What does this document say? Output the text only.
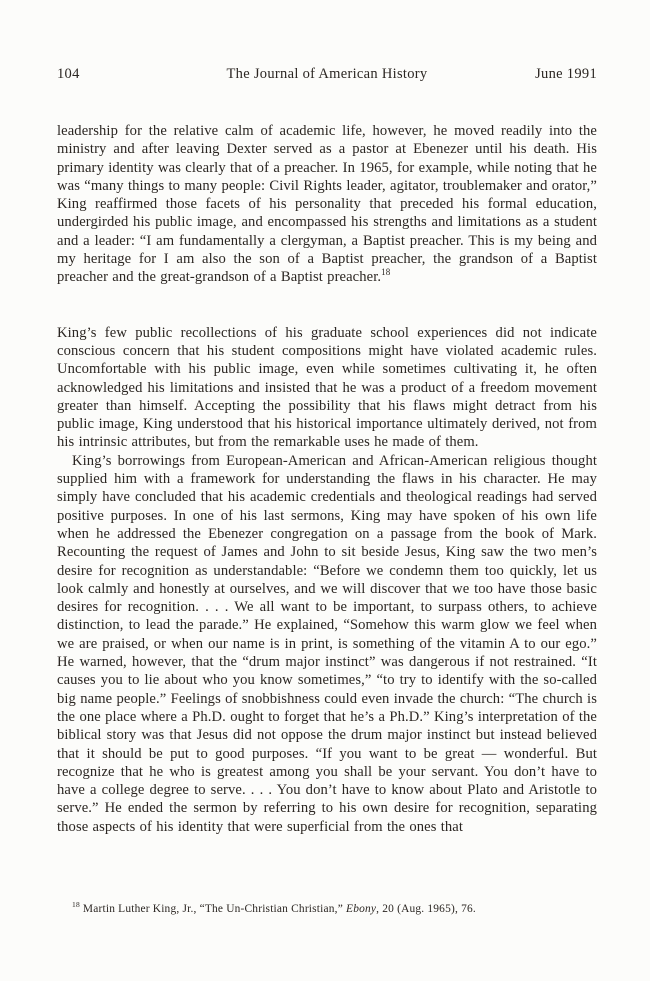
104	The Journal of American History	June 1991

leadership for the relative calm of academic life, however, he moved readily into the ministry and after leaving Dexter served as a pastor at Ebenezer until his death. His primary identity was clearly that of a preacher. In 1965, for example, while noting that he was “many things to many people: Civil Rights leader, agitator, troublemaker and orator,” King reaffirmed those facets of his personality that preceded his formal education, undergirded his public image, and encompassed his strengths and limitations as a student and a leader: “I am fundamentally a clergyman, a Baptist preacher. This is my being and my heritage for I am also the son of a Baptist preacher, the grandson of a Baptist preacher and the great-grandson of a Baptist preacher.$^{18}$

King’s few public recollections of his graduate school experiences did not indicate conscious concern that his student compositions might have violated academic rules. Uncomfortable with his public image, even while sometimes cultivating it, he often acknowledged his limitations and insisted that he was a product of a freedom movement greater than himself. Accepting the possibility that his flaws might detract from his public image, King understood that his historical importance ultimately derived, not from his intrinsic attributes, but from the remarkable uses he made of them.

King’s borrowings from European-American and African-American religious thought supplied him with a framework for understanding the flaws in his character. He may simply have concluded that his academic credentials and theological readings had served positive purposes. In one of his last sermons, King may have spoken of his own life when he addressed the Ebenezer congregation on a passage from the book of Mark. Recounting the request of James and John to sit beside Jesus, King saw the two men’s desire for recognition as understandable: “Before we condemn them too quickly, let us look calmly and honestly at ourselves, and we will discover that we too have those basic desires for recognition. . . . We all want to be important, to surpass others, to achieve distinction, to lead the parade.” He explained, “Somehow this warm glow we feel when we are praised, or when our name is in print, is something of the vitamin A to our ego.” He warned, however, that the “drum major instinct” was dangerous if not restrained. “It causes you to lie about who you know sometimes,” “to try to identify with the so-called big name people.” Feelings of snobbishness could even invade the church: “The church is the one place where a Ph.D. ought to forget that he’s a Ph.D.” King’s interpretation of the biblical story was that Jesus did not oppose the drum major instinct but instead believed that it should be put to good purposes. “If you want to be great — wonderful. But recognize that he who is greatest among you shall be your servant. You don’t have to have a college degree to serve. . . . You don’t have to know about Plato and Aristotle to serve.” He ended the sermon by referring to his own desire for recognition, separating those aspects of his identity that were superficial from the ones that

$^{18}$ Martin Luther King, Jr., “The Un-Christian Christian,” Ebony, 20 (Aug. 1965), 76.
